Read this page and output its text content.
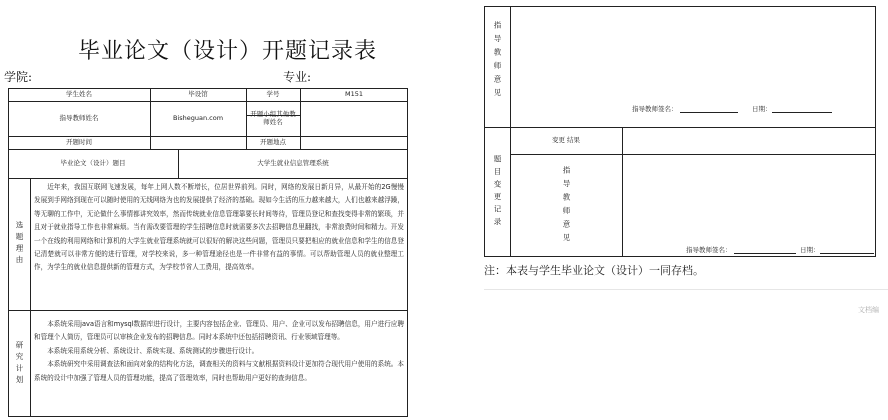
毕业论文（设计）开题记录表
学院:	专业:
学生姓名	毕设馆	学号	M151
指导教师姓名	Bisheguan.com	开题小组其他教师姓名
开题时间	开题地点
毕业论文（设计）题目	大学生就业信息管理系统
选题理由

近年来，我国互联网飞速发展，每年上网人数不断增长，位居世界前列。同时，网络的发展日新月异，从最开始的2G慢慢发展到手网络到现在可以随时使用的无线网络为也的发展提供了经济的基础。现如今生活的压力越来越大，人们也越来越浮躁，等无聊的工作中，无论做什么事情都讲究效率，然而传统就业信息管理靠要长时间等待，管理员登记和查找变得非常的繁琐，并且对于就业指导工作也非常麻烦。当有需改要管理的学生招聘信息时就需要多次去招聘信息里翻找，非常浪费时间和精力。开发一个在线的利用网络和计算机的大学生就业管理系统就可以很好的解决这些问题，管理员只要把相应的就业信息和学生的信息登记清楚就可以非常方便的进行管理，对学校来说，多一种管理途径也是一件非常有益的事情。可以帮助管理人员的就业整理工作，为学生的就业信息提供新的管理方式，为学校节省人工费用，提高效率。

研究计划

本系统采用java语言和mysql数据库进行设计，主要内容包括企业、管理员、用户、企业可以发布招聘信息，用户进行应聘和管理个人简历，管理员可以审核企业发布的招聘信息。同时本系统中还包括招聘资讯、行业领域管理等。

本系统采用系统分析、系统设计、系统实现、系统测试的步骤进行设计。

本系统研究中采用调查法和面向对象的结构化方法，调查相关的资料与文献根据资料设计更加符合现代用户使用的系统。本系统的设计中加强了管理人员的管理功能，提高了管理效率，同时也帮助用户更好的查询信息。

指导教师意见
指导教师签名：	日期：
题目变更记录
变更 结果
指导教师意见
指导教师签名：	日期：
注：本表与学生毕业论文（设计）一同存档。
文档编
